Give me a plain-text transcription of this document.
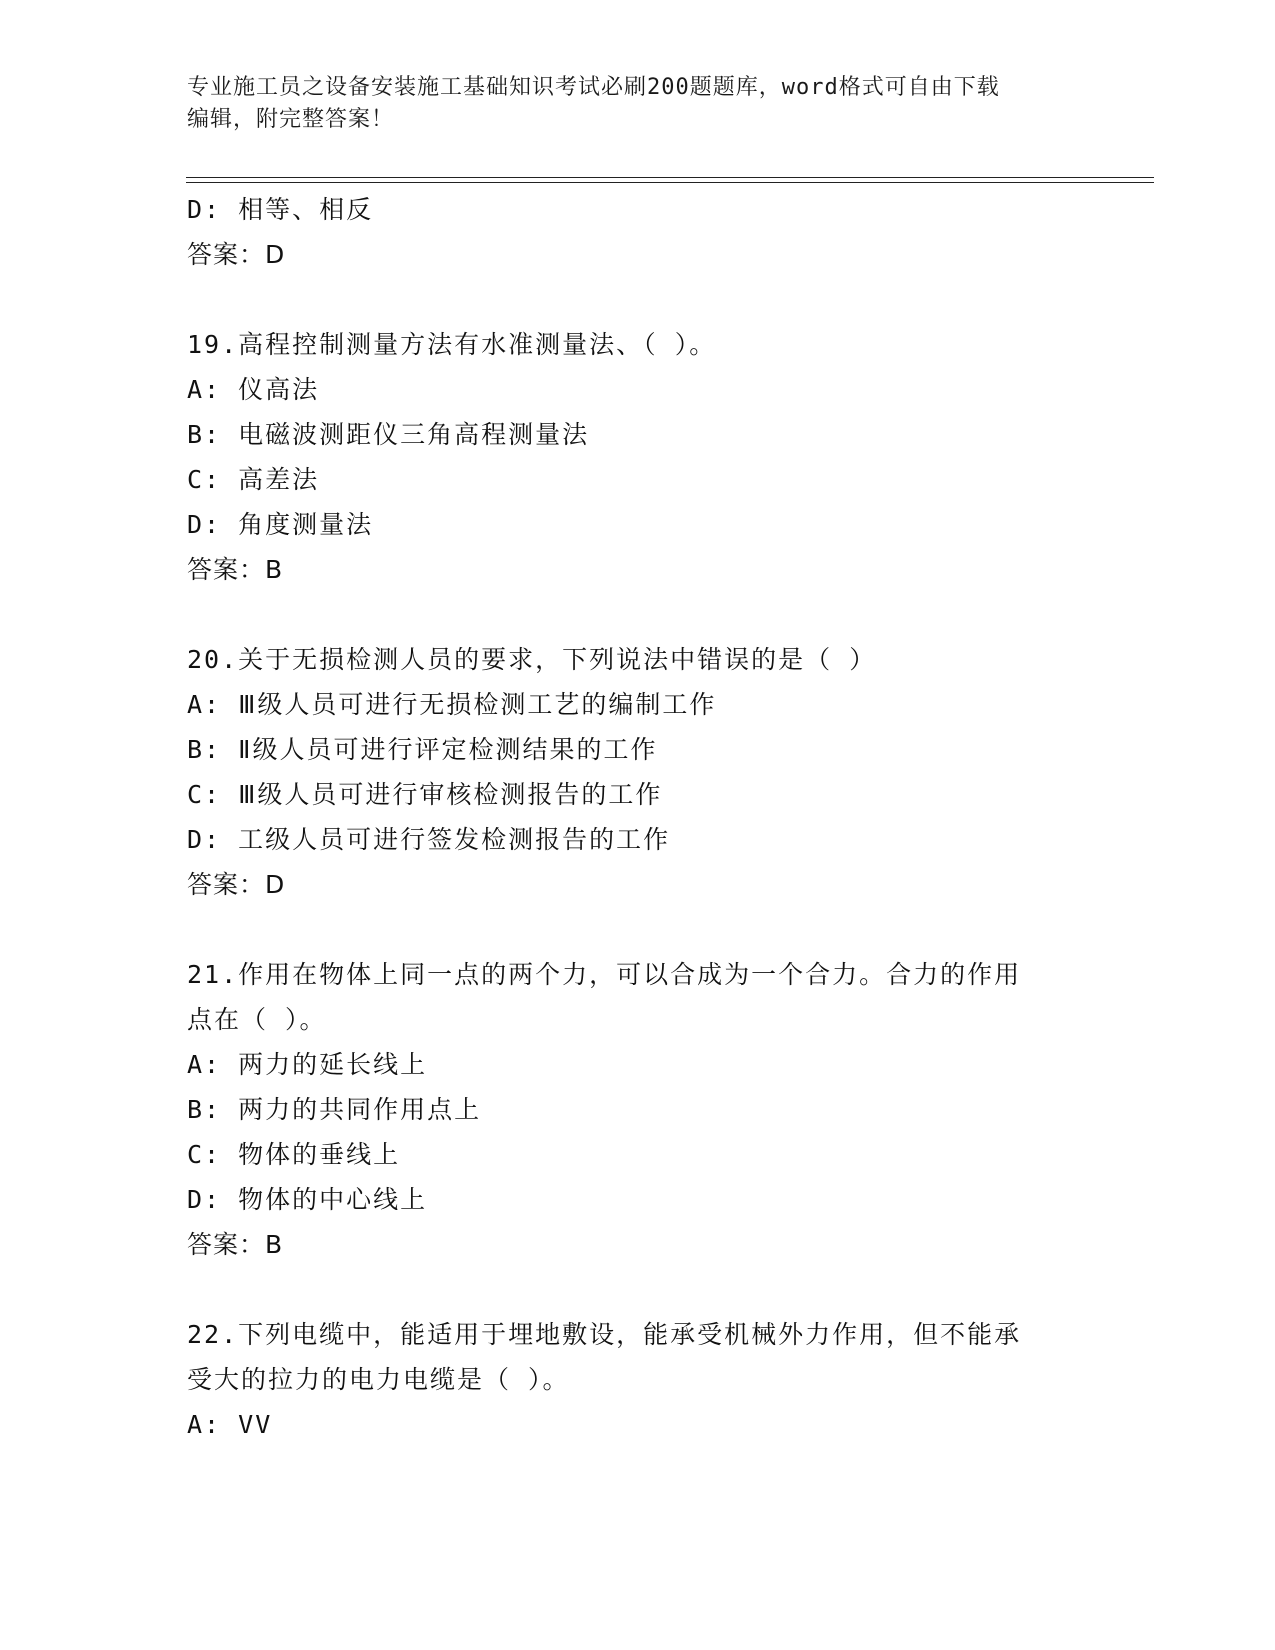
专业施工员之设备安装施工基础知识考试必刷200题题库，word格式可自由下载
编辑，附完整答案！
D: 相等、相反
答案：D
19.高程控制测量方法有水准测量法、（ ）。
A: 仪高法
B: 电磁波测距仪三角高程测量法
C: 高差法
D: 角度测量法
答案：B
20.关于无损检测人员的要求，下列说法中错误的是（ ）
A: Ⅲ级人员可进行无损检测工艺的编制工作
B: Ⅱ级人员可进行评定检测结果的工作
C: Ⅲ级人员可进行审核检测报告的工作
D: 工级人员可进行签发检测报告的工作
答案：D
21.作用在物体上同一点的两个力，可以合成为一个合力。合力的作用
点在（ ）。
A: 两力的延长线上
B: 两力的共同作用点上
C: 物体的垂线上
D: 物体的中心线上
答案：B
22.下列电缆中，能适用于埋地敷设，能承受机械外力作用，但不能承
受大的拉力的电力电缆是（ ）。
A: VV
